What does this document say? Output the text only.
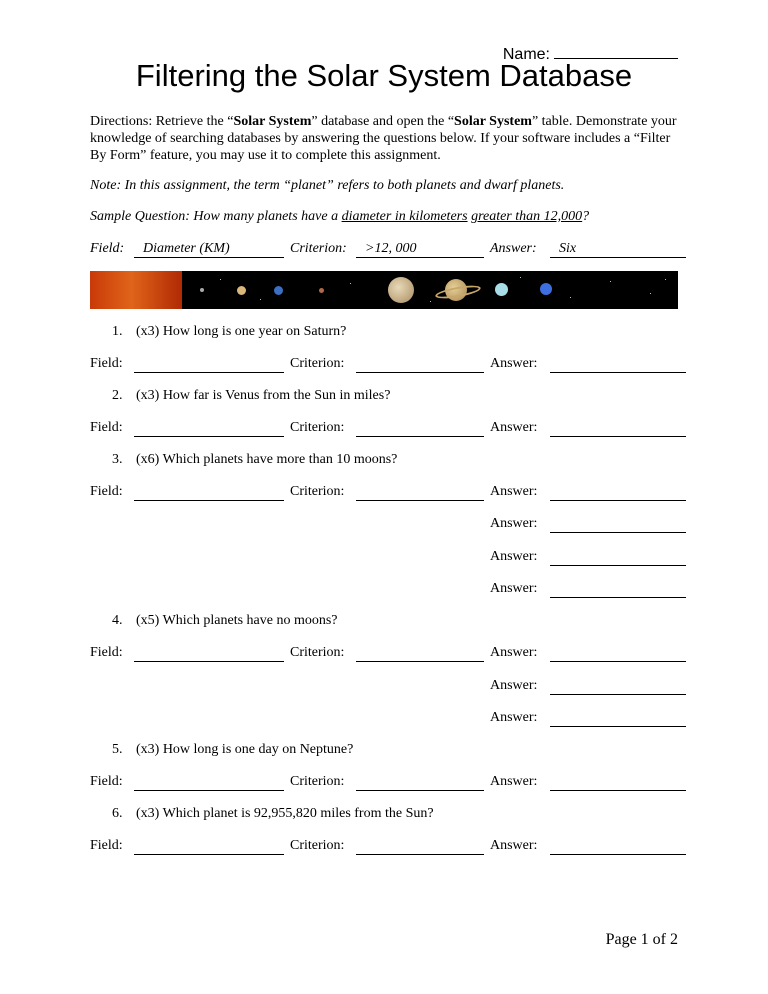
Name:
Filtering the Solar System Database

Directions: Retrieve the “Solar System” database and open the “Solar System” table. Demonstrate your knowledge of searching databases by answering the questions below. If your software includes a “Filter By Form” feature, you may use it to complete this assignment.

Note: In this assignment, the term “planet” refers to both planets and dwarf planets.

Sample Question: How many planets have a diameter in kilometers greater than 12,000?

Field:	Diameter (KM)	Criterion:	>12, 000	Answer:	Six
1. (x3) How long is one year on Saturn?
Field:	Criterion:	Answer:
2. (x3) How far is Venus from the Sun in miles?
Field:	Criterion:	Answer:
3. (x6) Which planets have more than 10 moons?
Field:	Criterion:	Answer:
Answer:
Answer:
Answer:
4. (x5) Which planets have no moons?
Field:	Criterion:	Answer:
Answer:
Answer:
5. (x3) How long is one day on Neptune?
Field:	Criterion:	Answer:
6. (x3) Which planet is 92,955,820 miles from the Sun?
Field:	Criterion:	Answer:
Page 1 of 2
